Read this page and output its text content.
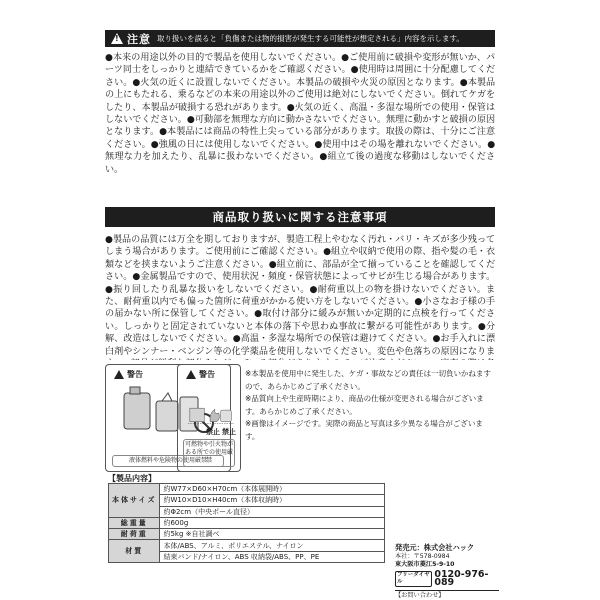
!
注意 取り扱いを誤ると「負傷または物的損害が発生する可能性が想定される」内容を示します。
●本来の用途以外の目的で製品を使用しないでください。●ご使用前に破損や変形が無いか、パーツ同士をしっかりと連結できているかをご確認ください。●使用時は周囲に十分配慮してください。●火気の近くに設置しないでください。本製品の破損や火災の原因となります。●本製品の上にもたれる、乗るなどの本来の用途以外のご使用は絶対にしないでください。倒れてケガをしたり、本製品が破損する恐れがあります。●火気の近く、高温・多湿な場所での使用・保管はしないでください。●可動部を無理な方向に動かさないでください。無理に動かすと破損の原因となります。●本製品には商品の特性上尖っている部分があります。取扱の際は、十分にご注意ください。●強風の日には使用しないでください。●使用中はその場を離れないでください。●無理な力を加えたり、乱暴に扱わないでください。●組立て後の過度な移動はしないでください。
商品取り扱いに関する注意事項
●製品の品質には万全を期しておりますが、製造工程上やむなく汚れ・バリ・キズが多少残ってしまう場合があります。ご使用前にご確認ください。●組立や収納で使用の際、指や髪の毛・衣類などを挟まないようご注意ください。●組立前に、部品が全て揃っていることを確認してください。●金属製品ですので、使用状況・頻度・保管状態によってサビが生じる場合があります。●振り回したり乱暴な扱いをしないでください。●耐荷重以上の物を掛けないでください。また、耐荷重以内でも偏った箇所に荷重がかかる使い方をしないでください。●小さなお子様の手の届かない所に保管してください。●取付け部分に緩みが無いか定期的に点検を行ってください。しっかりと固定されていないと本体の落下や思わぬ事故に繋がる可能性があります。●分解、改造はしないでください。●高温・多湿な場所での保管は避けてください。●お手入れに漂白剤やシンナー・ベンジン等の化学薬品を使用しないでください。変色や色落ちの原因になりま
警告
禁止
液体燃料や危険物の使用厳禁
警告
禁止
可燃物や引火物がある所での使用厳禁

※本製品を使用中に発生した、ケガ・事故などの責任は一切負いかねますので、あらかじめご了承ください。

※品質向上や生産時期により、商品の仕様が変更される場合がございます。あらかじめご了承ください。

※画像はイメージです。実際の商品と写真は多少異なる場合がございます。

【製品内容】
本体サイズ	約W77×D60×H70cm（本体展開時）
	約W10×D10×H40cm（本体収納時）
	約Φ2cm（中央ポール直径）
総重量	約600g
耐荷重	約5kg ※自社調べ
材質	本体/ABS、アルミ、ポリエステル、ナイロン
	結束バンド/ナイロン、ABS 収納袋/ABS、PP、PE
発売元：株式会社ハック
本社：〒578-0984
東大阪市菱江5-9-10
フリーダイヤル
0120-976-089
【お問い合わせ】
